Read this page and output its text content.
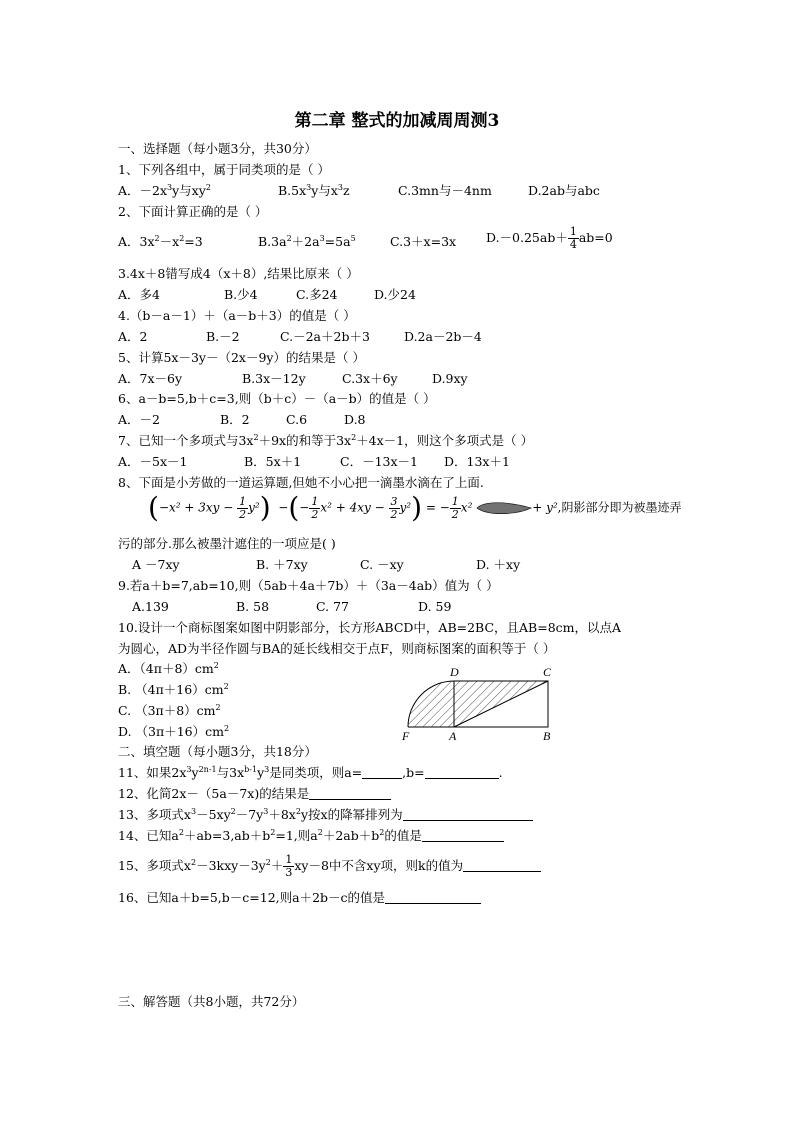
第二章 整式的加减周周测3
一、选择题（每小题3分，共30分）
1、下列各组中，属于同类项的是（ ）
A．$-2x^3y$与$xy^2$	$B.5x^3y$与$x^3z$	C.3mn与－4nm	D.2ab与abc
2、下面计算正确的是（ ）
A．$3x^2-x^2=3$	$B.3a^2+2a^3=5a^5$	C.3＋x=3x $D.-0.25ab+ \frac{1}{4} ab=0$
3.4x＋8错写成4（x＋8）,结果比原来（ ）
A．多4	B.少4	C.多24	D.少24
4.（b－a－1）＋（a－b＋3）的值是（ ）
A．2	B.－2	C.－2a＋2b＋3	D.2a－2b－4
5、计算5x－3y－（2x－9y）的结果是（ ）
A．7x－6y	B.3x－12y	C.3x＋6y	D.9xy
6、a－b=5,b＋c=3,则（b＋c）－（a－b）的值是（ ）
A．－2	B．2	C.6	D.8
7、已知一个多项式与$3x^2+9x$的和等于$3x^2+4x-1$，则这个多项式是（ ）
A．－5x－1	B．5x＋1	C．－13x－1 D．13x＋1
8、下面是小芳做的一道运算题,但她不小心把一滴墨水滴在了上面.
$(-x^2 + 3xy - \frac{1}{2} y^2)$ −(− $\frac{1}{2} x^2 + 4xy - \frac{3}{2} y^2$) = − $\frac{1}{2} x^2$	+ y²,阴影部分即为被墨迹弄
污的部分.那么被墨汁遮住的一项应是( )
A －7xy	B. ＋7xy	C. －xy	D. ＋xy
9.若a＋b=7,ab=10,则（5ab＋4a＋7b）＋（3a－4ab）值为（ ）
A.139	B. 58	C. 77	D. 59
10.设计一个商标图案如图中阴影部分，长方形ABCD中，AB=2BC，且AB=8cm，以点A
为圆心，AD为半径作圆与BA的延长线相交于点F，则商标图案的面积等于（ ）
A．$(4\pi+8)cm^2$
B. $(4\pi+16)cm^2$
C. $(3\pi+8)cm^2$
D. $(3\pi+16)cm^2$
D	C
F	A	B
二、填空题（每小题3分，共18分）
11、如果$2x^3y^{2n-1}$与$3x^{b-1}y^3$是同类项，则a=	,b=	.
12、化简2x－（5a－7x)的结果是
13、多项式$x^3-5xy^2-7y^3+8x^2y$按x的降幂排列为
14、已知$a^2+ab=3,ab+b^2=1$,则$a^2+2ab+b^2$的值是
15、多项式$x^2-3kxy-3y^2+ \frac{1}{3} xy-8$中不含xy项，则k的值为
16、已知a＋b=5,b－c=12,则a＋2b－c的值是
三、解答题（共8小题，共72分）
